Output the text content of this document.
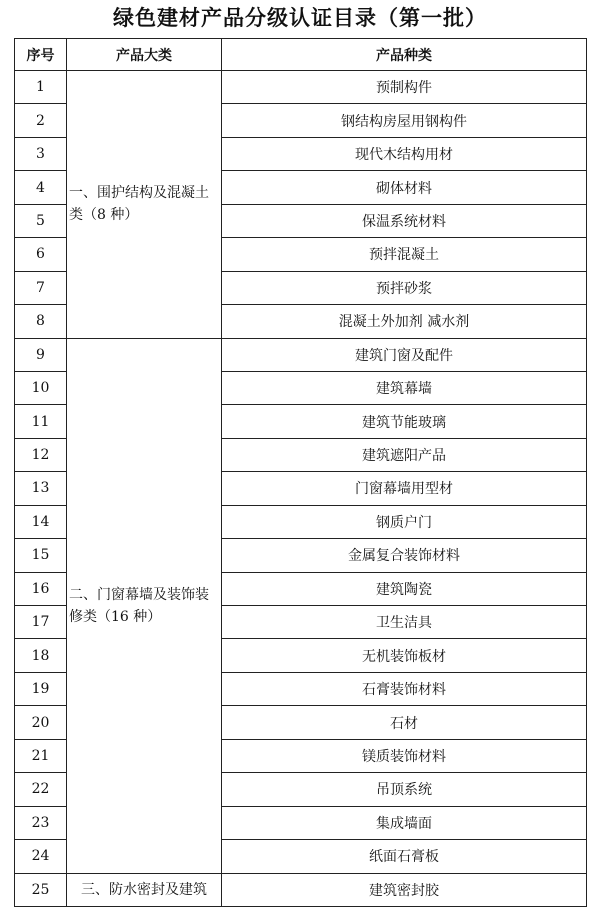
绿色建材产品分级认证目录（第一批）
序号	产品大类	产品种类
1	一、围护结构及混凝土类（8 种）	预制构件
2		钢结构房屋用钢构件
3		现代木结构用材
4		砌体材料
5		保温系统材料
6		预拌混凝土
7		预拌砂浆
8		混凝土外加剂 减水剂
9	二、门窗幕墙及装饰装修类（16 种）	建筑门窗及配件
10		建筑幕墙
11		建筑节能玻璃
12		建筑遮阳产品
13		门窗幕墙用型材
14		钢质户门
15		金属复合装饰材料
16		建筑陶瓷
17		卫生洁具
18		无机装饰板材
19		石膏装饰材料
20		石材
21		镁质装饰材料
22		吊顶系统
23		集成墙面
24		纸面石膏板
25	三、防水密封及建筑	建筑密封胶
